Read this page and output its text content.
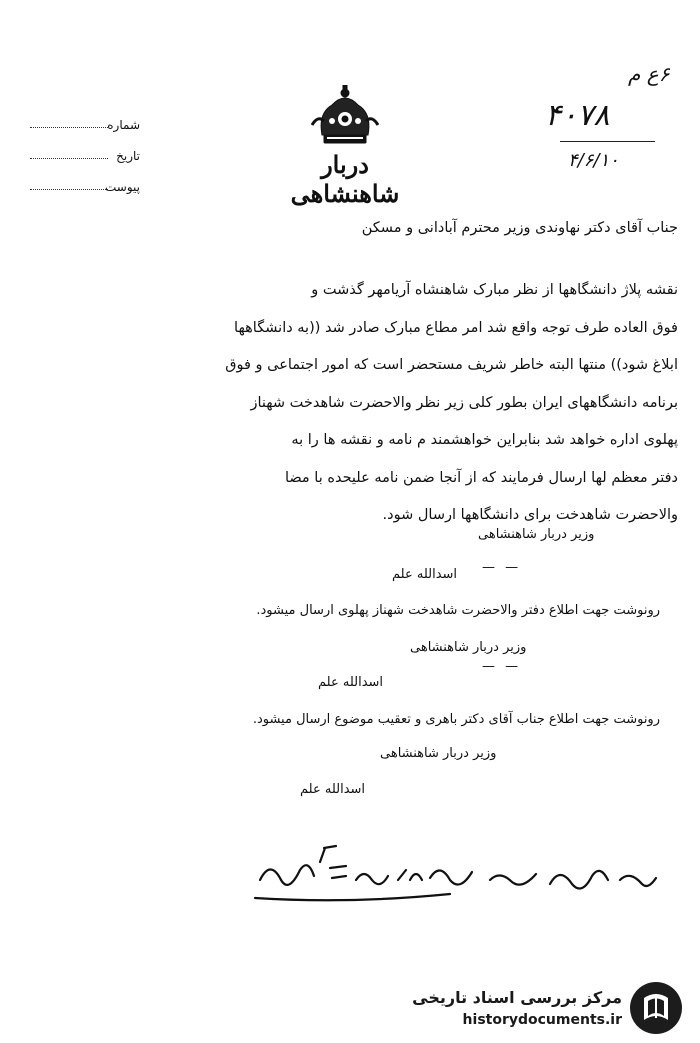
شماره
تاریخ
پیوست
دربار شاهنشاهی
۶ع م
۴۰۷۸
۴/۶/۱۰
جناب آقای دکتر نهاوندی وزیر محترم آبادانی و مسکن
نقشه پلاژ دانشگاهها از نظر مبارک شاهنشاه آریامهر گذشت و
فوق العاده طرف توجه واقع شد امر مطاع مبارک صادر شد ((به دانشگاهها
ابلاغ شود)) منتها البته خاطر شریف مستحضر است که امور اجتماعی و فوق
برنامه دانشگاههای ایران بطور کلی زیر نظر والاحضرت شاهدخت شهناز
پهلوی اداره خواهد شد بنابراین خواهشمند م نامه و نقشه ها را به
دفتر معظم لها ارسال فرمایند که از آنجا ضمن نامه علیحده با مضا
والاحضرت شاهدخت برای دانشگاهها ارسال شود.
وزیر دربار شاهنشاهی
اسدالله علم — —
رونوشت جهت اطلاع دفتر والاحضرت شاهدخت شهناز پهلوی ارسال میشود.
وزیر دربار شاهنشاهی
— —
اسدالله علم
رونوشت جهت اطلاع جناب آقای دکتر باهری و تعقیب موضوع ارسال میشود.
وزیر دربار شاهنشاهی
اسدالله علم
مرکز بررسی اسناد تاریخی
historydocuments.ir
